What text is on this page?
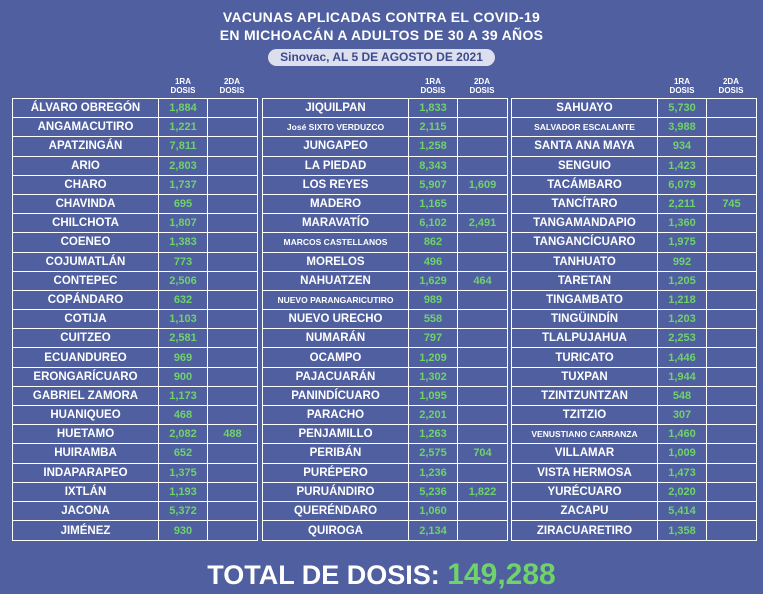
VACUNAS APLICADAS CONTRA EL COVID-19
EN MICHOACÁN A ADULTOS DE 30 A 39 AÑOS
Sinovac, AL 5 DE AGOSTO DE 2021
1RA
DOSIS
2DA
DOSIS
ÁLVARO OBREGÓN	1,884
ANGAMACUTIRO	1,221
APATZINGÁN	7,811
ARIO	2,803
CHARO	1,737
CHAVINDA	695
CHILCHOTA	1,807
COENEO	1,383
COJUMATLÁN	773
CONTEPEC	2,506
COPÁNDARO	632
COTIJA	1,103
CUITZEO	2,581
ECUANDUREO	969
ERONGARÍCUARO	900
GABRIEL ZAMORA	1,173
HUANIQUEO	468
HUETAMO	2,082	488
HUIRAMBA	652
INDAPARAPEO	1,375
IXTLÁN	1,193
JACONA	5,372
JIMÉNEZ	930
1RA
DOSIS
2DA
DOSIS
JIQUILPAN	1,833
José SIXTO VERDUZCO	2,115
JUNGAPEO	1,258
LA PIEDAD	8,343
LOS REYES	5,907	1,609
MADERO	1,165
MARAVATÍO	6,102	2,491
MARCOS CASTELLANOS	862
MORELOS	496
NAHUATZEN	1,629	464
NUEVO PARANGARICUTIRO	989
NUEVO URECHO	558
NUMARÁN	797
OCAMPO	1,209
PAJACUARÁN	1,302
PANINDÍCUARO	1,095
PARACHO	2,201
PENJAMILLO	1,263
PERIBÁN	2,575	704
PURÉPERO	1,236
PURUÁNDIRO	5,236	1,822
QUERÉNDARO	1,060
QUIROGA	2,134
1RA
DOSIS
2DA
DOSIS
SAHUAYO	5,730
SALVADOR ESCALANTE	3,988
SANTA ANA MAYA	934
SENGUIO	1,423
TACÁMBARO	6,079
TANCÍTARO	2,211	745
TANGAMANDAPIO	1,360
TANGANCÍCUARO	1,975
TANHUATO	992
TARETAN	1,205
TINGAMBATO	1,218
TINGÜINDÍN	1,203
TLALPUJAHUA	2,253
TURICATO	1,446
TUXPAN	1,944
TZINTZUNTZAN	548
TZITZIO	307
VENUSTIANO CARRANZA	1,460
VILLAMAR	1,009
VISTA HERMOSA	1,473
YURÉCUARO	2,020
ZACAPU	5,414
ZIRACUARETIRO	1,358
TOTAL DE DOSIS: 149,288
